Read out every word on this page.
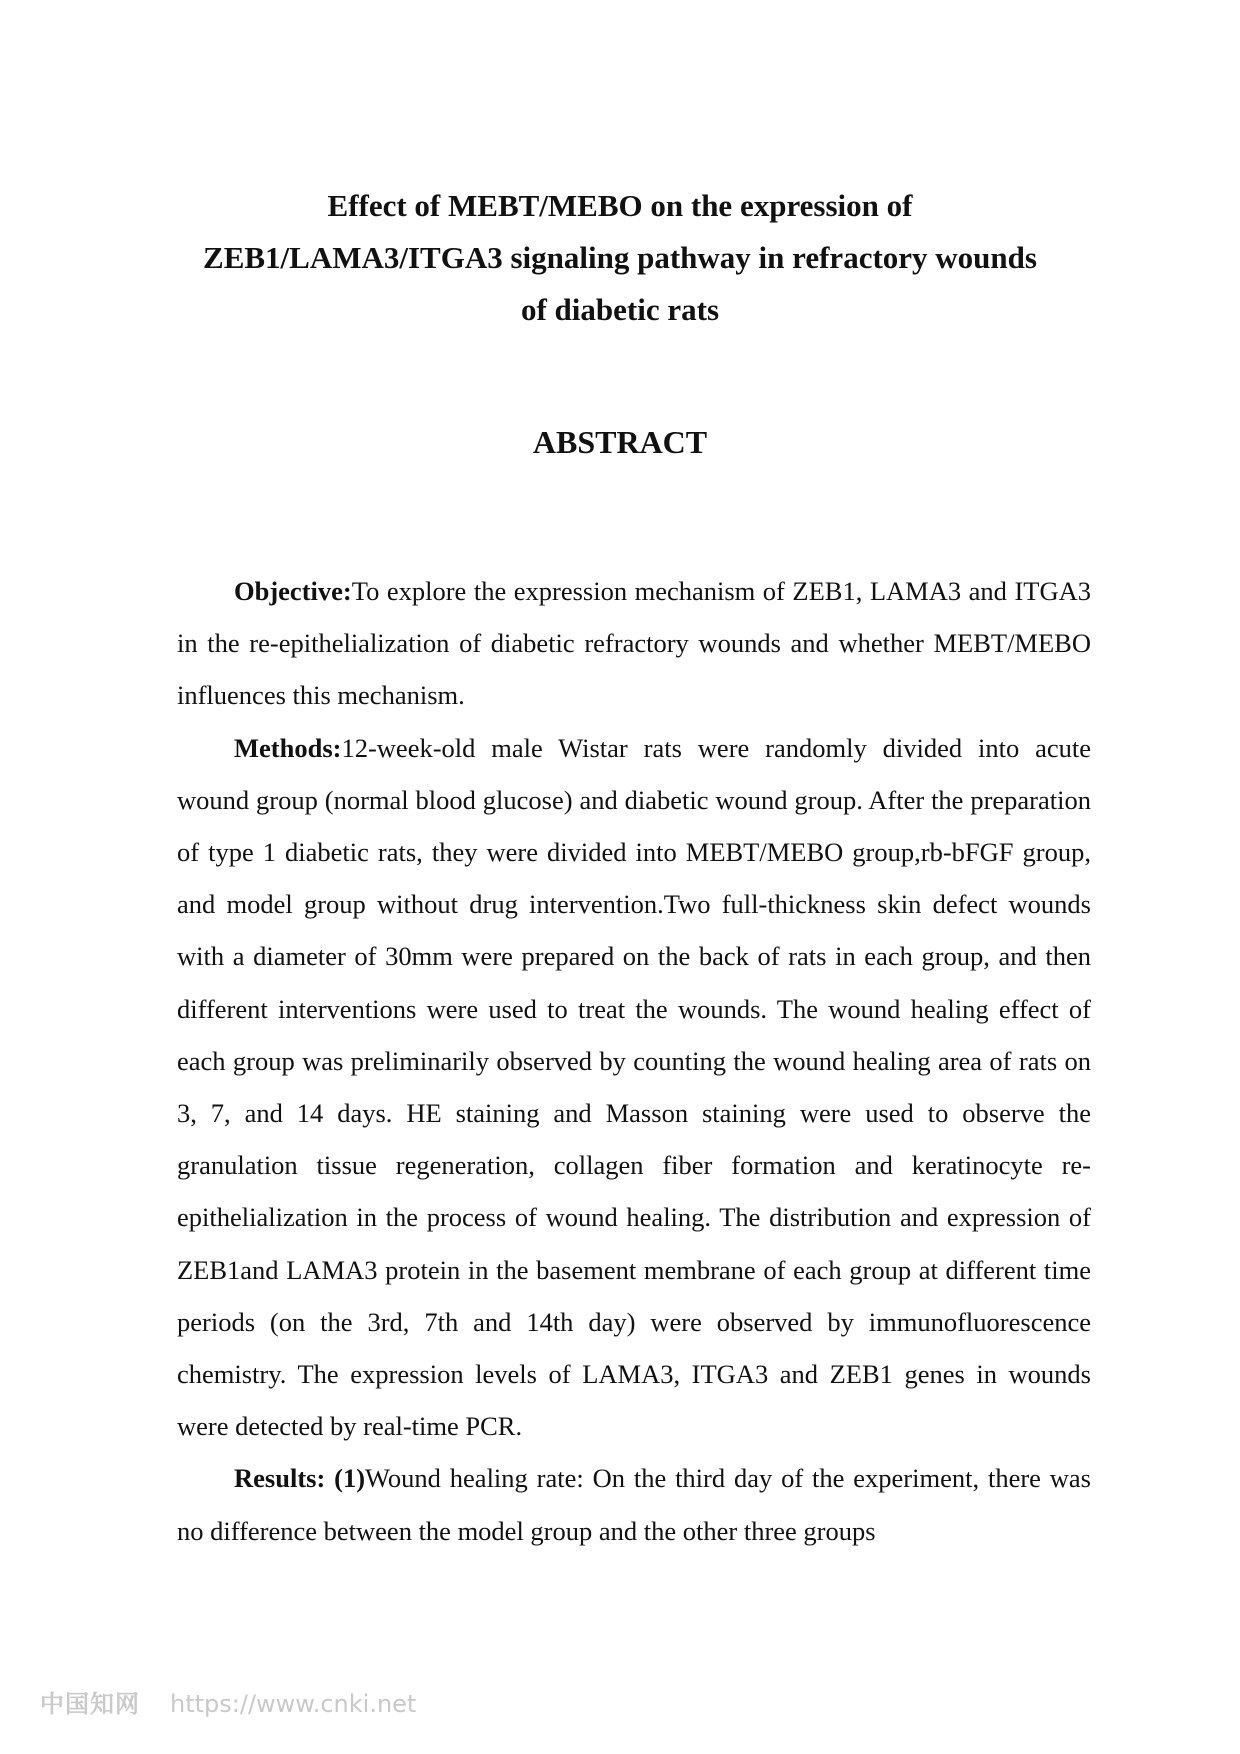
Effect of MEBT/MEBO on the expression of
ZEB1/LAMA3/ITGA3 signaling pathway in refractory wounds
of diabetic rats
ABSTRACT

Objective:To explore the expression mechanism of ZEB1, LAMA3 and ITGA3 in the re-epithelialization of diabetic refractory wounds and whether MEBT/MEBO influences this mechanism.

Methods:12-week-old male Wistar rats were randomly divided into acute wound group (normal blood glucose) and diabetic wound group. After the preparation of type 1 diabetic rats, they were divided into MEBT/MEBO group,rb-bFGF group, and model group without drug intervention.Two full-thickness skin defect wounds with a diameter of 30mm were prepared on the back of rats in each group, and then different interventions were used to treat the wounds. The wound healing effect of each group was preliminarily observed by counting the wound healing area of rats on 3, 7, and 14 days. HE staining and Masson staining were used to observe the granulation tissue regeneration, collagen fiber formation and keratinocyte re-epithelialization in the process of wound healing. The distribution and expression of ZEB1and LAMA3 protein in the basement membrane of each group at different time periods (on the 3rd, 7th and 14th day) were observed by immunofluorescence chemistry. The expression levels of LAMA3, ITGA3 and ZEB1 genes in wounds were detected by real-time PCR.

Results: (1)Wound healing rate: On the third day of the experiment, there was no difference between the model group and the other three groups

中国知网 https://www.cnki.net
